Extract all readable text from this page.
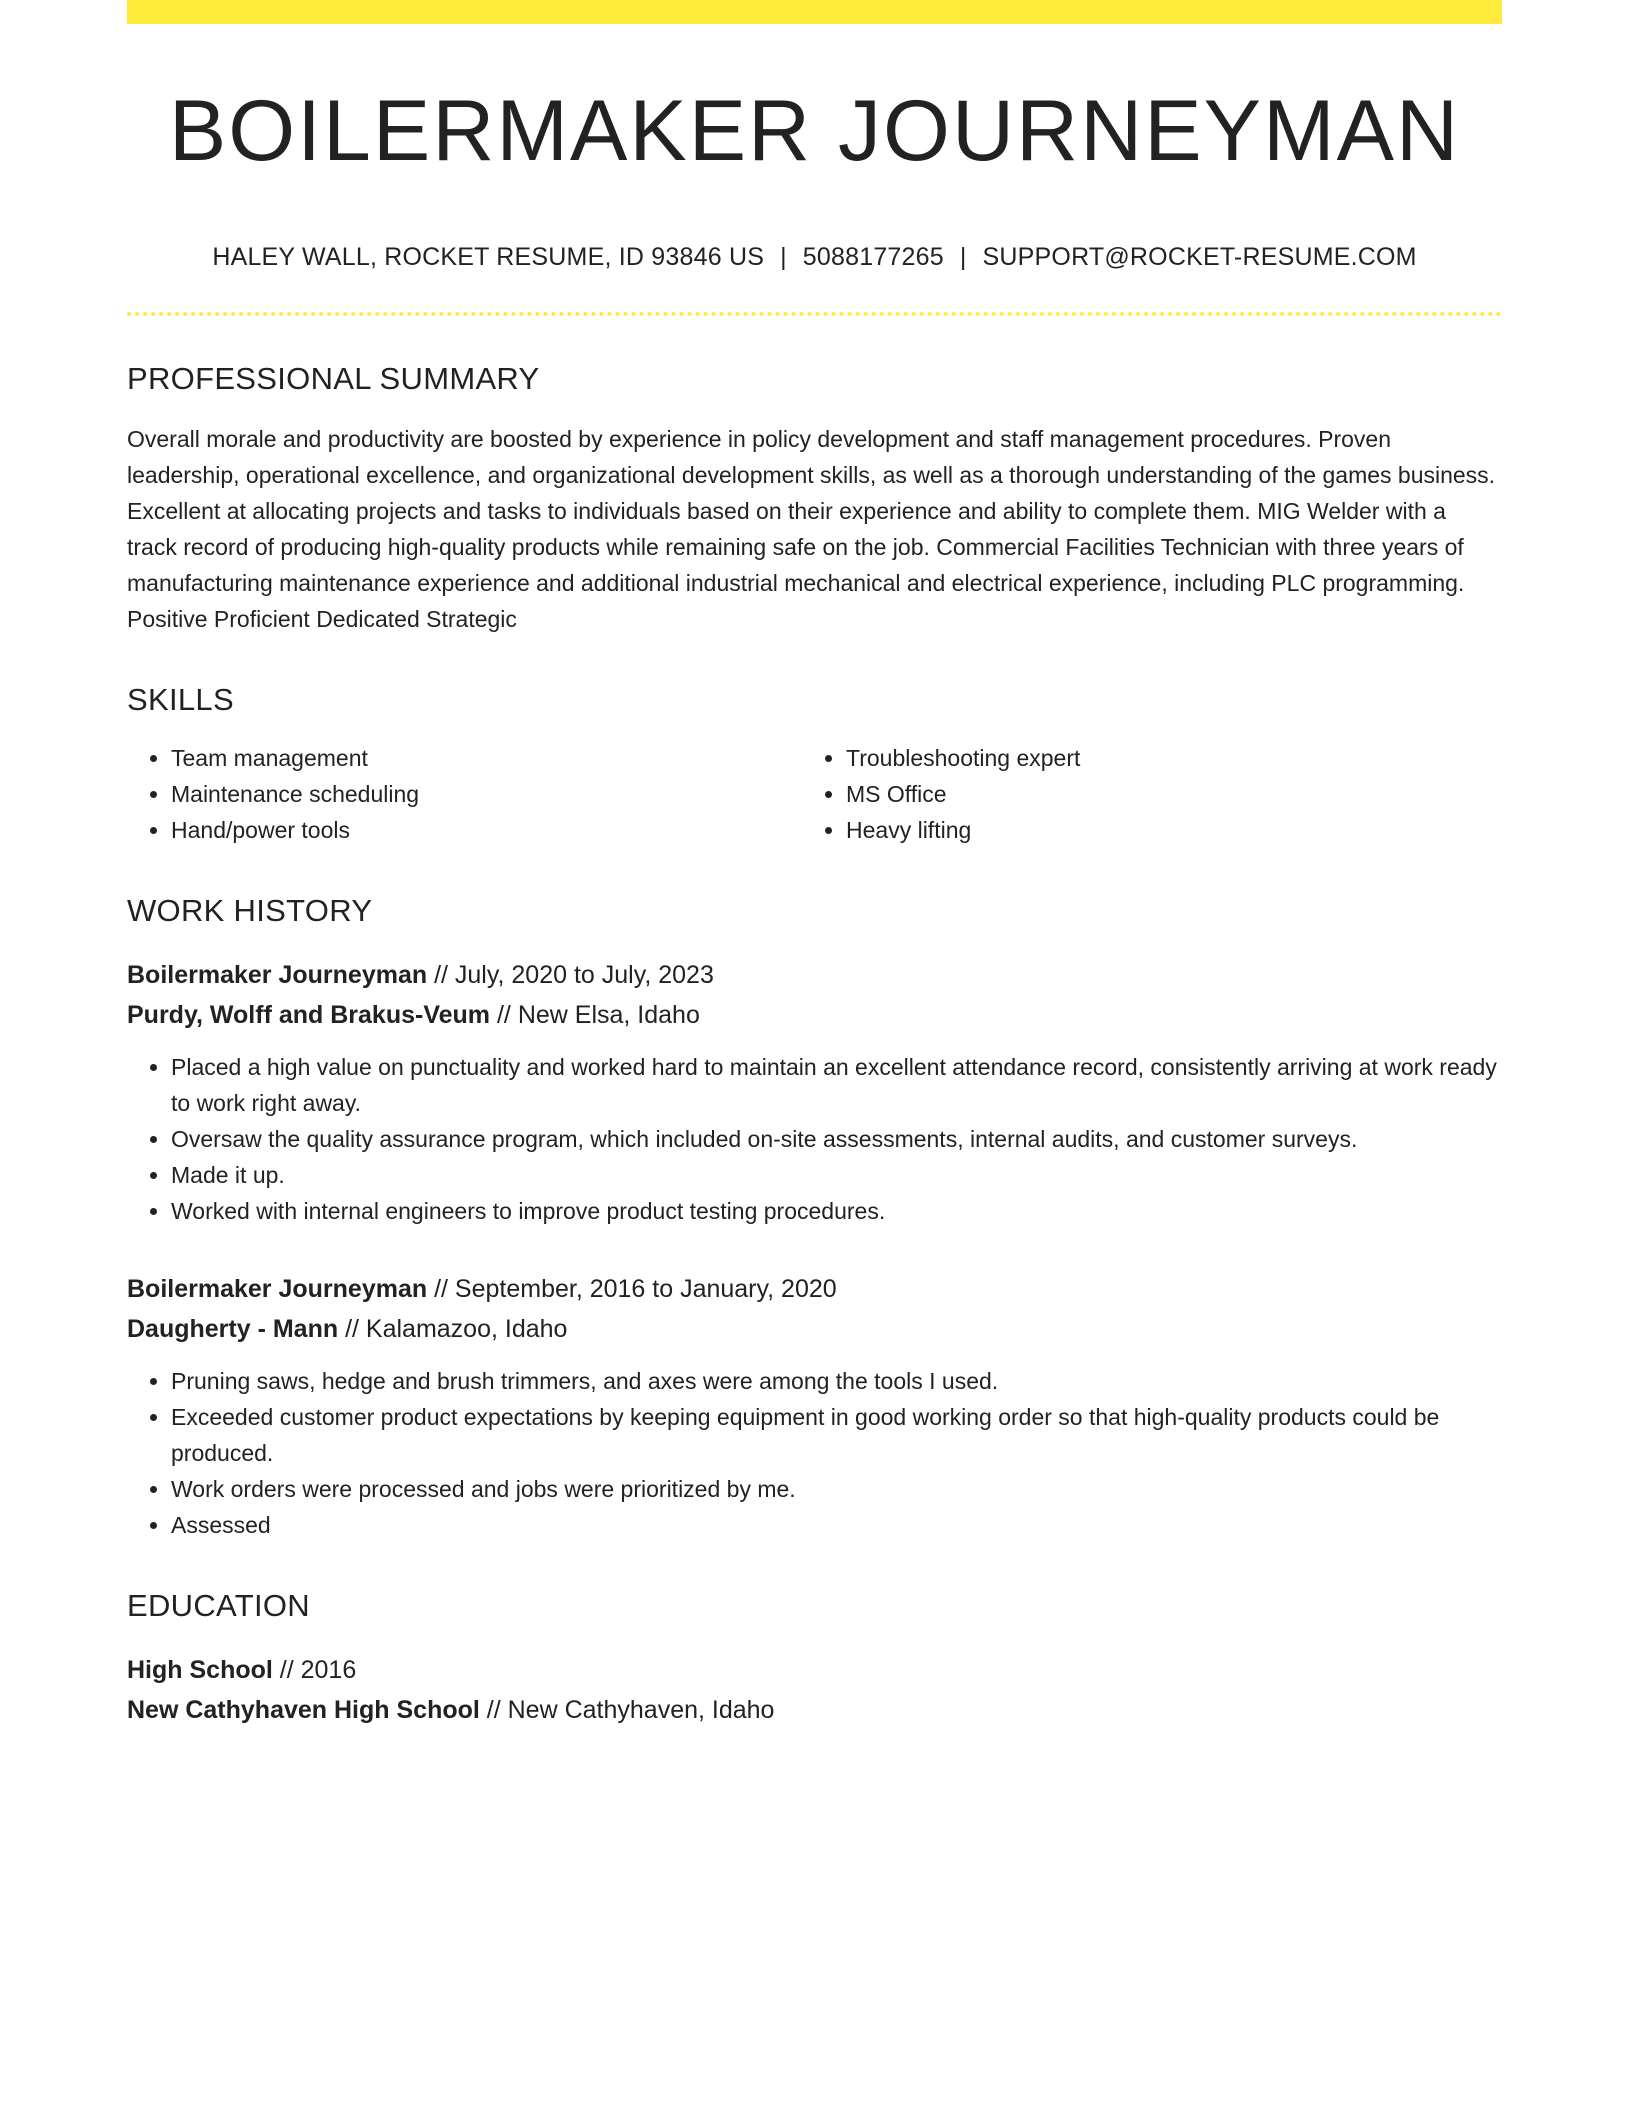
BOILERMAKER JOURNEYMAN
HALEY WALL, ROCKET RESUME, ID 93846 US | 5088177265 | SUPPORT@ROCKET-RESUME.COM
PROFESSIONAL SUMMARY

Overall morale and productivity are boosted by experience in policy development and staff management procedures. Proven leadership, operational excellence, and organizational development skills, as well as a thorough understanding of the games business. Excellent at allocating projects and tasks to individuals based on their experience and ability to complete them. MIG Welder with a track record of producing high-quality products while remaining safe on the job. Commercial Facilities Technician with three years of manufacturing maintenance experience and additional industrial mechanical and electrical experience, including PLC programming. Positive Proficient Dedicated Strategic

SKILLS
• Team management
• Maintenance scheduling
• Hand/power tools
• Troubleshooting expert
• MS Office
• Heavy lifting
WORK HISTORY
Boilermaker Journeyman // July, 2020 to July, 2023
Purdy, Wolff and Brakus-Veum // New Elsa, Idaho
• Placed a high value on punctuality and worked hard to maintain an excellent attendance record, consistently arriving at work ready to work right away.
• Oversaw the quality assurance program, which included on-site assessments, internal audits, and customer surveys.
• Made it up.
• Worked with internal engineers to improve product testing procedures.
Boilermaker Journeyman // September, 2016 to January, 2020
Daugherty - Mann // Kalamazoo, Idaho
• Pruning saws, hedge and brush trimmers, and axes were among the tools I used.
• Exceeded customer product expectations by keeping equipment in good working order so that high-quality products could be produced.
• Work orders were processed and jobs were prioritized by me.
• Assessed
EDUCATION
High School // 2016
New Cathyhaven High School // New Cathyhaven, Idaho
